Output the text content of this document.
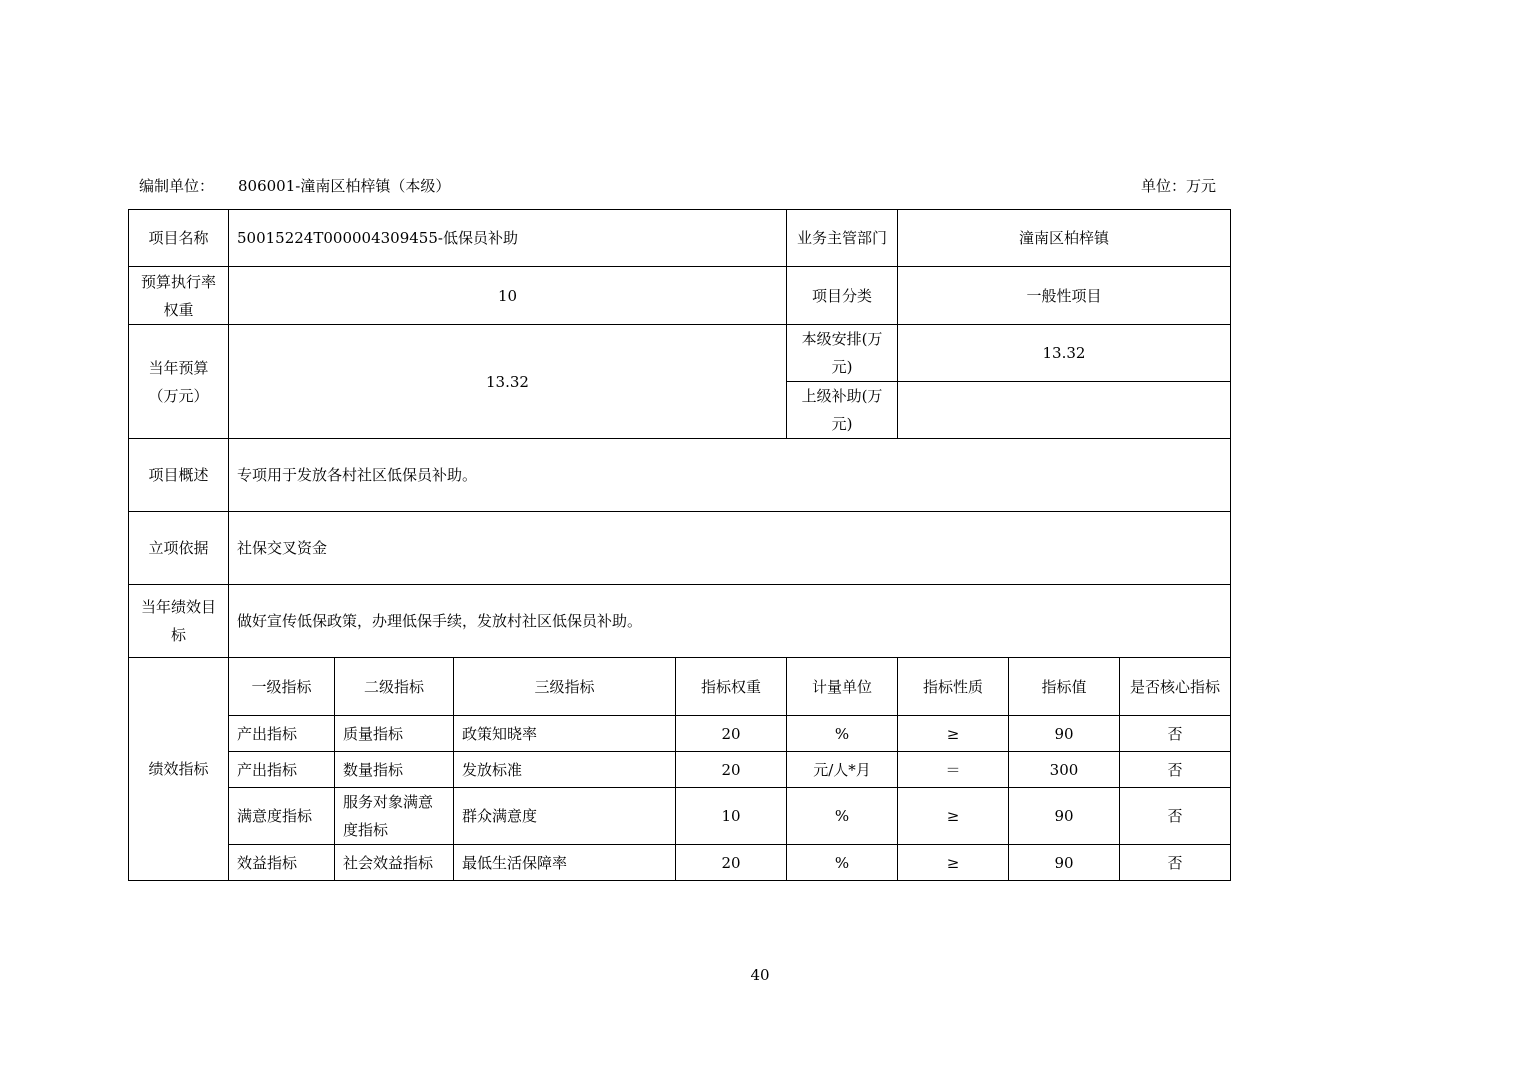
编制单位： 806001-潼南区柏梓镇（本级）	单位：万元
项目名称	50015224T000004309455-低保员补助				业务主管部门	潼南区柏梓镇		
预算执行率权重	10				项目分类	一般性项目		
当年预算（万元）	13.32				本级安排(万元)	13.32		
					上级补助(万元)			
项目概述	专项用于发放各村社区低保员补助。							
立项依据	社保交叉资金							
当年绩效目标	做好宣传低保政策，办理低保手续，发放村社区低保员补助。							
绩效指标	一级指标	二级指标	三级指标	指标权重	计量单位	指标性质	指标值	是否核心指标
	产出指标	质量指标	政策知晓率	20	%	≥	90	否
	产出指标	数量指标	发放标准	20	元/人*月	＝	300	否
	满意度指标	服务对象满意度指标	群众满意度	10	%	≥	90	否
	效益指标	社会效益指标	最低生活保障率	20	%	≥	90	否
40
